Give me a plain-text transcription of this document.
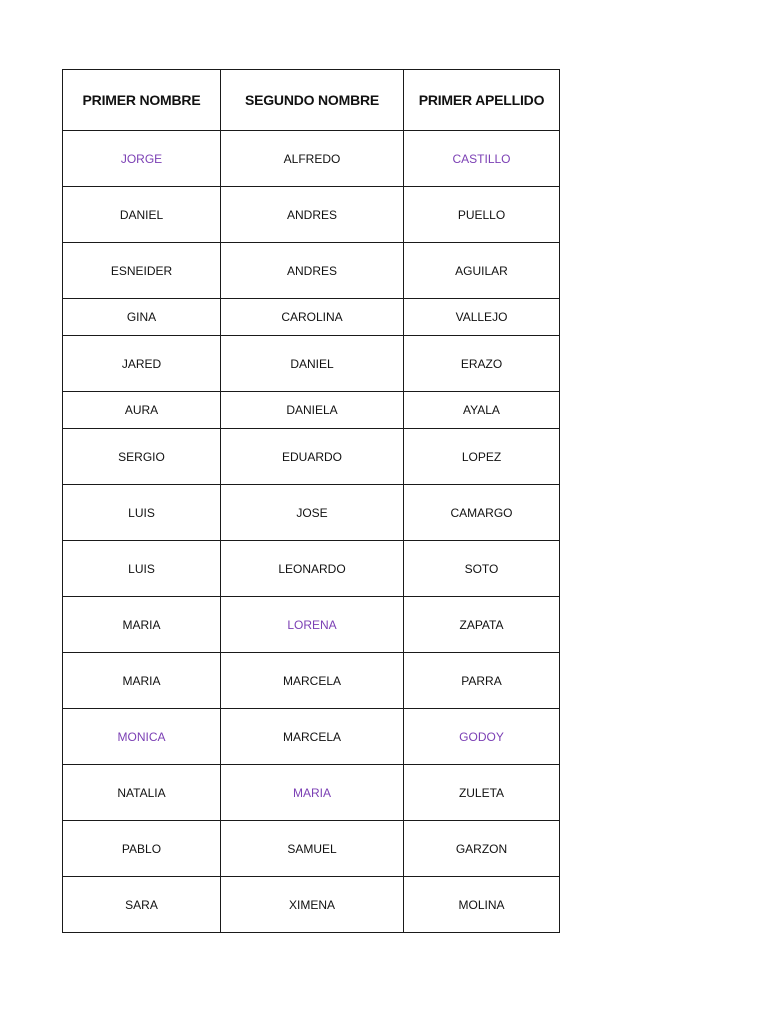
PRIMER NOMBRE	SEGUNDO NOMBRE	PRIMER APELLIDO
JORGE	ALFREDO	CASTILLO
DANIEL	ANDRES	PUELLO
ESNEIDER	ANDRES	AGUILAR
GINA	CAROLINA	VALLEJO
JARED	DANIEL	ERAZO
AURA	DANIELA	AYALA
SERGIO	EDUARDO	LOPEZ
LUIS	JOSE	CAMARGO
LUIS	LEONARDO	SOTO
MARIA	LORENA	ZAPATA
MARIA	MARCELA	PARRA
MONICA	MARCELA	GODOY
NATALIA	MARIA	ZULETA
PABLO	SAMUEL	GARZON
SARA	XIMENA	MOLINA
